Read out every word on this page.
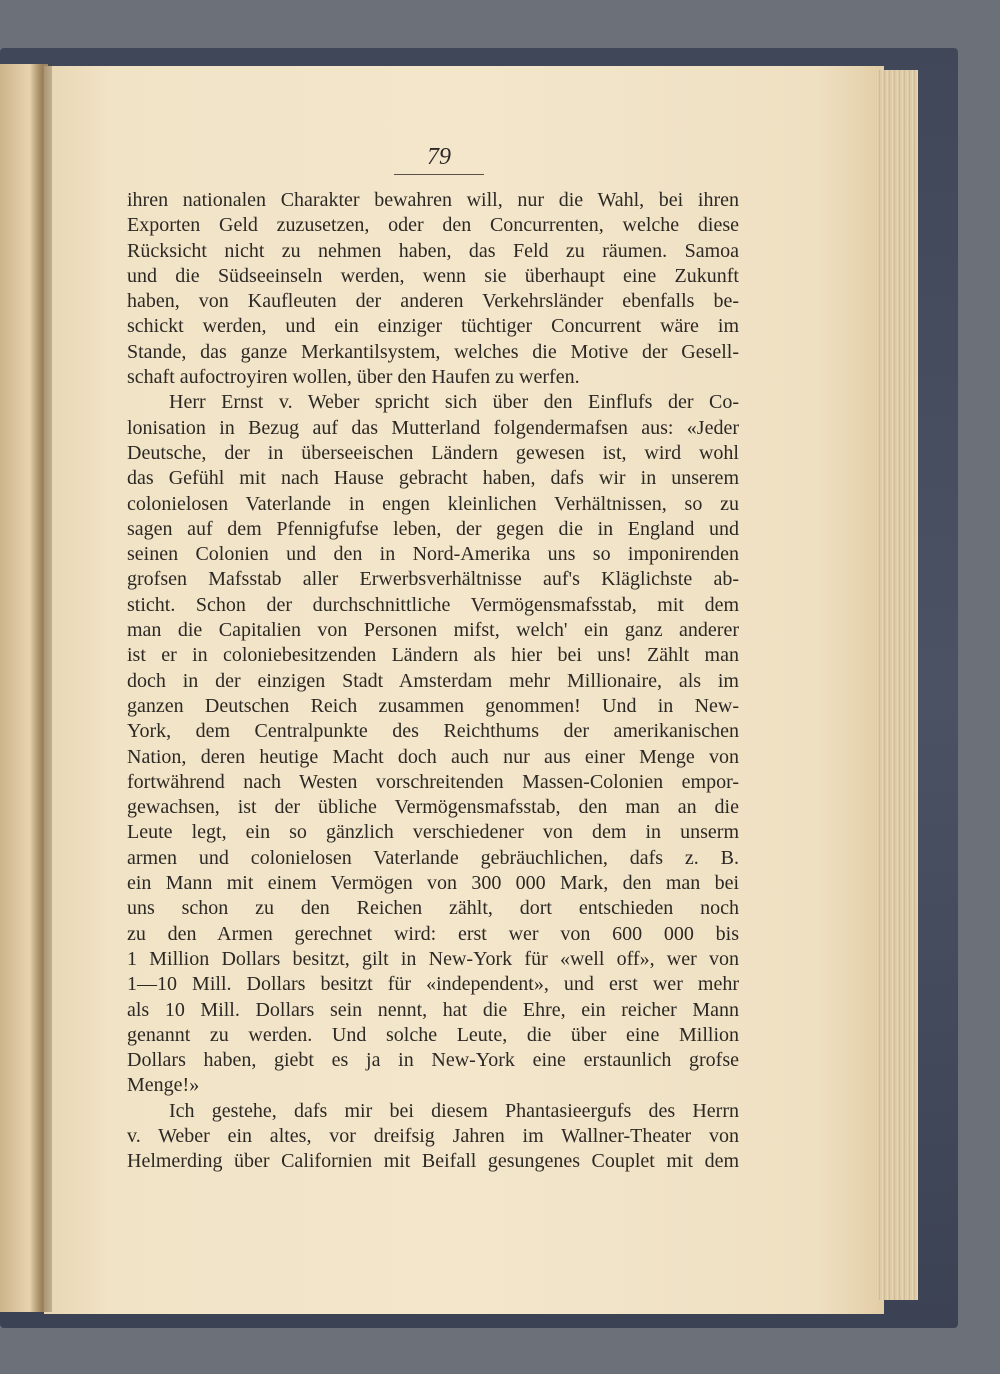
79
ihren nationalen Charakter bewahren will, nur die Wahl, bei ihren
Exporten Geld zuzusetzen, oder den Concurrenten, welche diese
Rücksicht nicht zu nehmen haben, das Feld zu räumen. Samoa
und die Südseeinseln werden, wenn sie überhaupt eine Zukunft
haben, von Kaufleuten der anderen Verkehrsländer ebenfalls be-
schickt werden, und ein einziger tüchtiger Concurrent wäre im
Stande, das ganze Merkantilsystem, welches die Motive der Gesell-
schaft aufoctroyiren wollen, über den Haufen zu werfen.
Herr Ernst v. Weber spricht sich über den Einflufs der Co-
lonisation in Bezug auf das Mutterland folgendermafsen aus: «Jeder
Deutsche, der in überseeischen Ländern gewesen ist, wird wohl
das Gefühl mit nach Hause gebracht haben, dafs wir in unserem
colonielosen Vaterlande in engen kleinlichen Verhältnissen, so zu
sagen auf dem Pfennigfufse leben, der gegen die in England und
seinen Colonien und den in Nord-Amerika uns so imponirenden
grofsen Mafsstab aller Erwerbsverhältnisse auf's Kläglichste ab-
sticht. Schon der durchschnittliche Vermögensmafsstab, mit dem
man die Capitalien von Personen mifst, welch' ein ganz anderer
ist er in coloniebesitzenden Ländern als hier bei uns! Zählt man
doch in der einzigen Stadt Amsterdam mehr Millionaire, als im
ganzen Deutschen Reich zusammen genommen! Und in New-
York, dem Centralpunkte des Reichthums der amerikanischen
Nation, deren heutige Macht doch auch nur aus einer Menge von
fortwährend nach Westen vorschreitenden Massen-Colonien empor-
gewachsen, ist der übliche Vermögensmafsstab, den man an die
Leute legt, ein so gänzlich verschiedener von dem in unserm
armen und colonielosen Vaterlande gebräuchlichen, dafs z. B.
ein Mann mit einem Vermögen von 300 000 Mark, den man bei
uns schon zu den Reichen zählt, dort entschieden noch
zu den Armen gerechnet wird: erst wer von 600 000 bis
1 Million Dollars besitzt, gilt in New-York für «well off», wer von
1—10 Mill. Dollars besitzt für «independent», und erst wer mehr
als 10 Mill. Dollars sein nennt, hat die Ehre, ein reicher Mann
genannt zu werden. Und solche Leute, die über eine Million
Dollars haben, giebt es ja in New-York eine erstaunlich grofse
Menge!»
Ich gestehe, dafs mir bei diesem Phantasieergufs des Herrn
v. Weber ein altes, vor dreifsig Jahren im Wallner-Theater von
Helmerding über Californien mit Beifall gesungenes Couplet mit dem
